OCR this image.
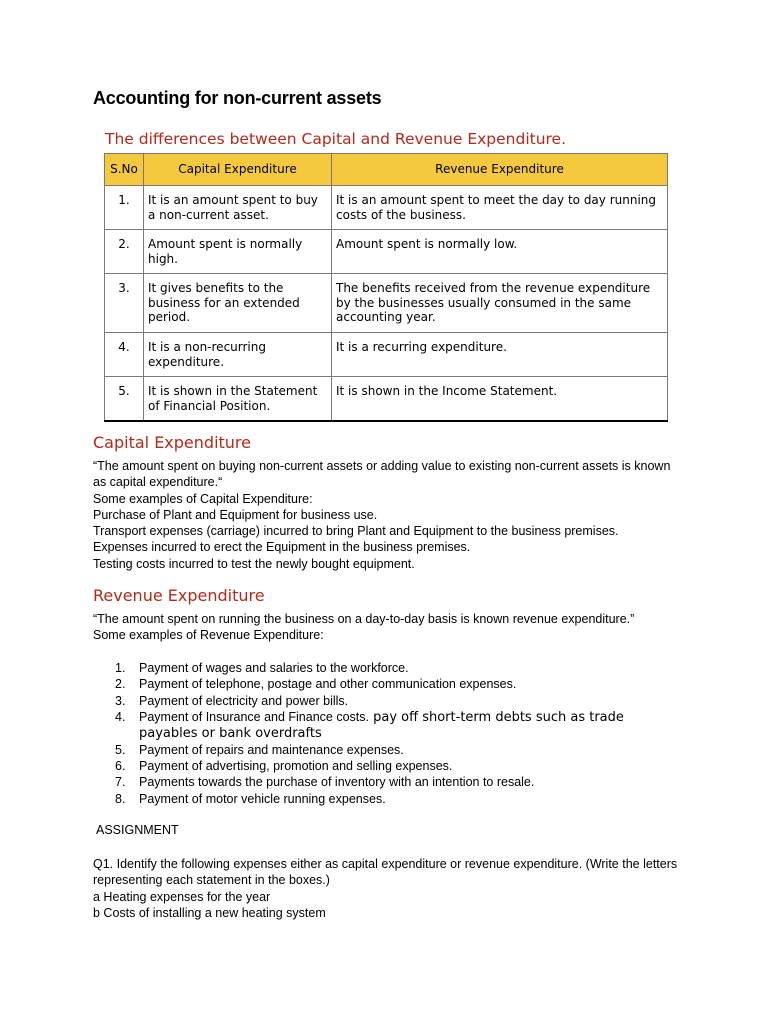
Accounting for non-current assets
The differences between Capital and Revenue Expenditure.
S.No	Capital Expenditure	Revenue Expenditure
1.	It is an amount spent to buy a non-current asset.	It is an amount spent to meet the day to day running costs of the business.
2.	Amount spent is normally high.	Amount spent is normally low.
3.	It gives benefits to the business for an extended period.	The benefits received from the revenue expenditure by the businesses usually consumed in the same accounting year.
4.	It is a non-recurring expenditure.	It is a recurring expenditure.
5.	It is shown in the Statement of Financial Position.	It is shown in the Income Statement.
Capital Expenditure

“The amount spent on buying non-current assets or adding value to existing non-current assets is known as capital expenditure.“

Some examples of Capital Expenditure:
Purchase of Plant and Equipment for business use.
Transport expenses (carriage) incurred to bring Plant and Equipment to the business premises.
Expenses incurred to erect the Equipment in the business premises.
Testing costs incurred to test the newly bought equipment.
Revenue Expenditure
“The amount spent on running the business on a day-to-day basis is known revenue expenditure.”
Some examples of Revenue Expenditure:
1. Payment of wages and salaries to the workforce.
2. Payment of telephone, postage and other communication expenses.
3. Payment of electricity and power bills.
4. Payment of Insurance and Finance costs. pay off short-term debts such as trade payables or bank overdrafts
5. Payment of repairs and maintenance expenses.
6. Payment of advertising, promotion and selling expenses.
7. Payments towards the purchase of inventory with an intention to resale.
8. Payment of motor vehicle running expenses.
ASSIGNMENT

Q1. Identify the following expenses either as capital expenditure or revenue expenditure. (Write the letters representing each statement in the boxes.)

a Heating expenses for the year
b Costs of installing a new heating system
